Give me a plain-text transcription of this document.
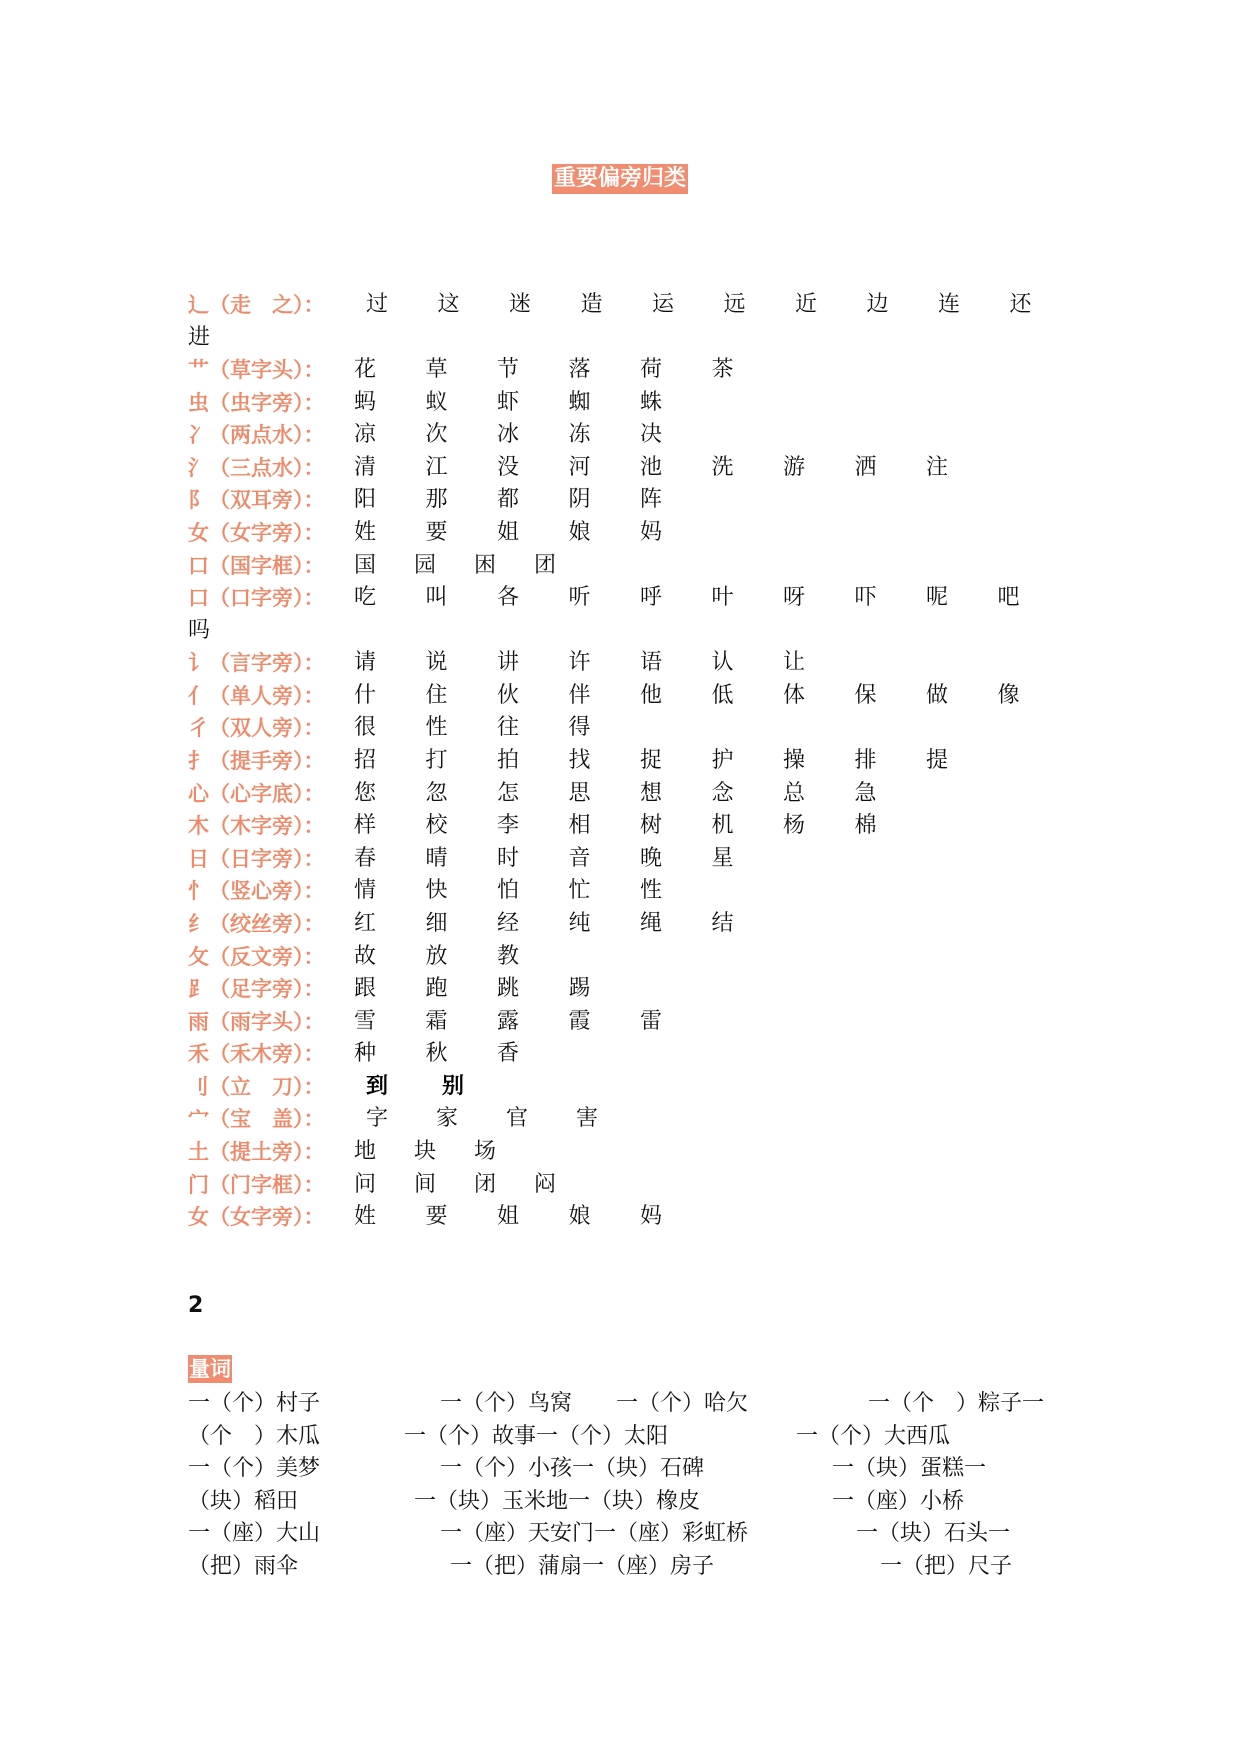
重要偏旁归类
辶（走　之）： 过 这 迷 造 运 远 近 边 连 还
进
艹（草字头）： 花 草 节 落 荷 茶
虫（虫字旁）： 蚂 蚁 虾 蜘 蛛
冫（两点水）： 凉 次 冰 冻 决
氵（三点水）： 清 江 没 河 池 洗 游 洒 注
阝（双耳旁）： 阳 那 都 阴 阵
女（女字旁）： 姓 要 姐 娘 妈
口（国字框）： 国 园 困 团
口（口字旁）： 吃 叫 各 听 呼 叶 呀 吓 呢 吧
吗
讠（言字旁）： 请 说 讲 许 语 认 让
亻（单人旁）： 什 住 伙 伴 他 低 体 保 做 像
彳（双人旁）： 很 性 往 得
扌（提手旁）： 招 打 拍 找 捉 护 操 排 提
心（心字底）： 您 忽 怎 思 想 念 总 急
木（木字旁）： 样 校 李 相 树 机 杨 棉
日（日字旁）： 春 晴 时 音 晚 星
忄（竖心旁）： 情 快 怕 忙 性
纟（绞丝旁）： 红 细 经 纯 绳 结
攵（反文旁）： 故 放 教
⻊（足字旁）： 跟 跑 跳 踢
雨（雨字头）： 雪 霜 露 霞 雷
禾（禾木旁）： 种 秋 香
刂（立　刀）： 到 别
宀（宝　盖）： 字 家 官 害
土（提土旁）： 地 块 场
门（门字框）： 问 间 闭 闷
女（女字旁）： 姓 要 姐 娘 妈
2
量词
一（个）村子	一（个）鸟窝 一（个）哈欠	一（个　）粽子一
（个　）木瓜	一（个）故事一（个）太阳	一（个）大西瓜
一（个）美梦	一（个）小孩一（块）石碑	一（块）蛋糕一
（块）稻田	一（块）玉米地一（块）橡皮	一（座）小桥
一（座）大山	一（座）天安门一（座）彩虹桥	一（块）石头一
（把）雨伞	一（把）蒲扇一（座）房子	一（把）尺子
